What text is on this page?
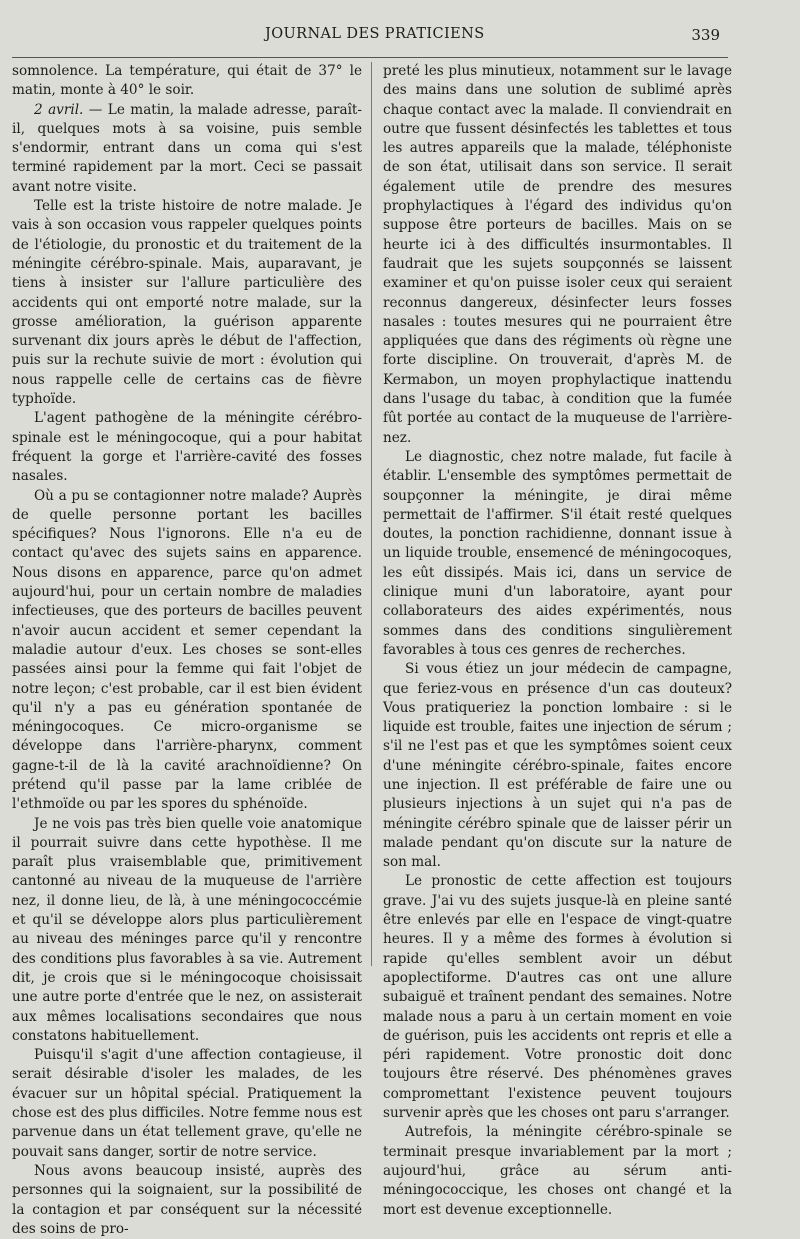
JOURNAL DES PRATICIENS	339

somnolence. La température, qui était de 37° le matin, monte à 40° le soir.

2 avril. — Le matin, la malade adresse, paraît-il, quelques mots à sa voisine, puis semble s'endormir, entrant dans un coma qui s'est terminé rapidement par la mort. Ceci se passait avant notre visite.

Telle est la triste histoire de notre malade. Je vais à son occasion vous rappeler quelques points de l'étiologie, du pronostic et du traitement de la méningite cérébro-spinale. Mais, auparavant, je tiens à insister sur l'allure particulière des accidents qui ont emporté notre malade, sur la grosse amélioration, la guérison apparente survenant dix jours après le début de l'affection, puis sur la rechute suivie de mort : évolution qui nous rappelle celle de certains cas de fièvre typhoïde.

L'agent pathogène de la méningite cérébro-spinale est le méningocoque, qui a pour habitat fréquent la gorge et l'arrière-cavité des fosses nasales.

Où a pu se contagionner notre malade? Auprès de quelle personne portant les bacilles spécifiques? Nous l'ignorons. Elle n'a eu de contact qu'avec des sujets sains en apparence. Nous disons en apparence, parce qu'on admet aujourd'hui, pour un certain nombre de maladies infectieuses, que des porteurs de bacilles peuvent n'avoir aucun accident et semer cependant la maladie autour d'eux. Les choses se sont-elles passées ainsi pour la femme qui fait l'objet de notre leçon; c'est probable, car il est bien évident qu'il n'y a pas eu génération spontanée de méningocoques. Ce micro-organisme se développe dans l'arrière-pharynx, comment gagne-t-il de là la cavité arachnoïdienne? On prétend qu'il passe par la lame criblée de l'ethmoïde ou par les spores du sphénoïde.

Je ne vois pas très bien quelle voie anatomique il pourrait suivre dans cette hypothèse. Il me paraît plus vraisemblable que, primitivement cantonné au niveau de la muqueuse de l'arrière nez, il donne lieu, de là, à une méningococcémie et qu'il se développe alors plus particulièrement au niveau des méninges parce qu'il y rencontre des conditions plus favorables à sa vie. Autrement dit, je crois que si le méningocoque choisissait une autre porte d'entrée que le nez, on assisterait aux mêmes localisations secondaires que nous constatons habituellement.

Puisqu'il s'agit d'une affection contagieuse, il serait désirable d'isoler les malades, de les évacuer sur un hôpital spécial. Pratiquement la chose est des plus difficiles. Notre femme nous est parvenue dans un état tellement grave, qu'elle ne pouvait sans danger, sortir de notre service.

Nous avons beaucoup insisté, auprès des personnes qui la soignaient, sur la possibilité de la contagion et par conséquent sur la nécessité des soins de pro-

preté les plus minutieux, notamment sur le lavage des mains dans une solution de sublimé après chaque contact avec la malade. Il conviendrait en outre que fussent désinfectés les tablettes et tous les autres appareils que la malade, téléphoniste de son état, utilisait dans son service. Il serait également utile de prendre des mesures prophylactiques à l'égard des individus qu'on suppose être porteurs de bacilles. Mais on se heurte ici à des difficultés insurmontables. Il faudrait que les sujets soupçonnés se laissent examiner et qu'on puisse isoler ceux qui seraient reconnus dangereux, désinfecter leurs fosses nasales : toutes mesures qui ne pourraient être appliquées que dans des régiments où règne une forte discipline. On trouverait, d'après M. de Kermabon, un moyen prophylactique inattendu dans l'usage du tabac, à condition que la fumée fût portée au contact de la muqueuse de l'arrière-nez.

Le diagnostic, chez notre malade, fut facile à établir. L'ensemble des symptômes permettait de soupçonner la méningite, je dirai même permettait de l'affirmer. S'il était resté quelques doutes, la ponction rachidienne, donnant issue à un liquide trouble, ensemencé de méningocoques, les eût dissipés. Mais ici, dans un service de clinique muni d'un laboratoire, ayant pour collaborateurs des aides expérimentés, nous sommes dans des conditions singulièrement favorables à tous ces genres de recherches.

Si vous étiez un jour médecin de campagne, que feriez-vous en présence d'un cas douteux? Vous pratiqueriez la ponction lombaire : si le liquide est trouble, faites une injection de sérum ; s'il ne l'est pas et que les symptômes soient ceux d'une méningite cérébro-spinale, faites encore une injection. Il est préférable de faire une ou plusieurs injections à un sujet qui n'a pas de méningite cérébro spinale que de laisser périr un malade pendant qu'on discute sur la nature de son mal.

Le pronostic de cette affection est toujours grave. J'ai vu des sujets jusque-là en pleine santé être enlevés par elle en l'espace de vingt-quatre heures. Il y a même des formes à évolution si rapide qu'elles semblent avoir un début apoplectiforme. D'autres cas ont une allure subaiguë et traînent pendant des semaines. Notre malade nous a paru à un certain moment en voie de guérison, puis les accidents ont repris et elle a péri rapidement. Votre pronostic doit donc toujours être réservé. Des phénomènes graves compromettant l'existence peuvent toujours survenir après que les choses ont paru s'arranger.

Autrefois, la méningite cérébro-spinale se terminait presque invariablement par la mort ; aujourd'hui, grâce au sérum anti-méningococcique, les choses ont changé et la mort est devenue exceptionnelle.
